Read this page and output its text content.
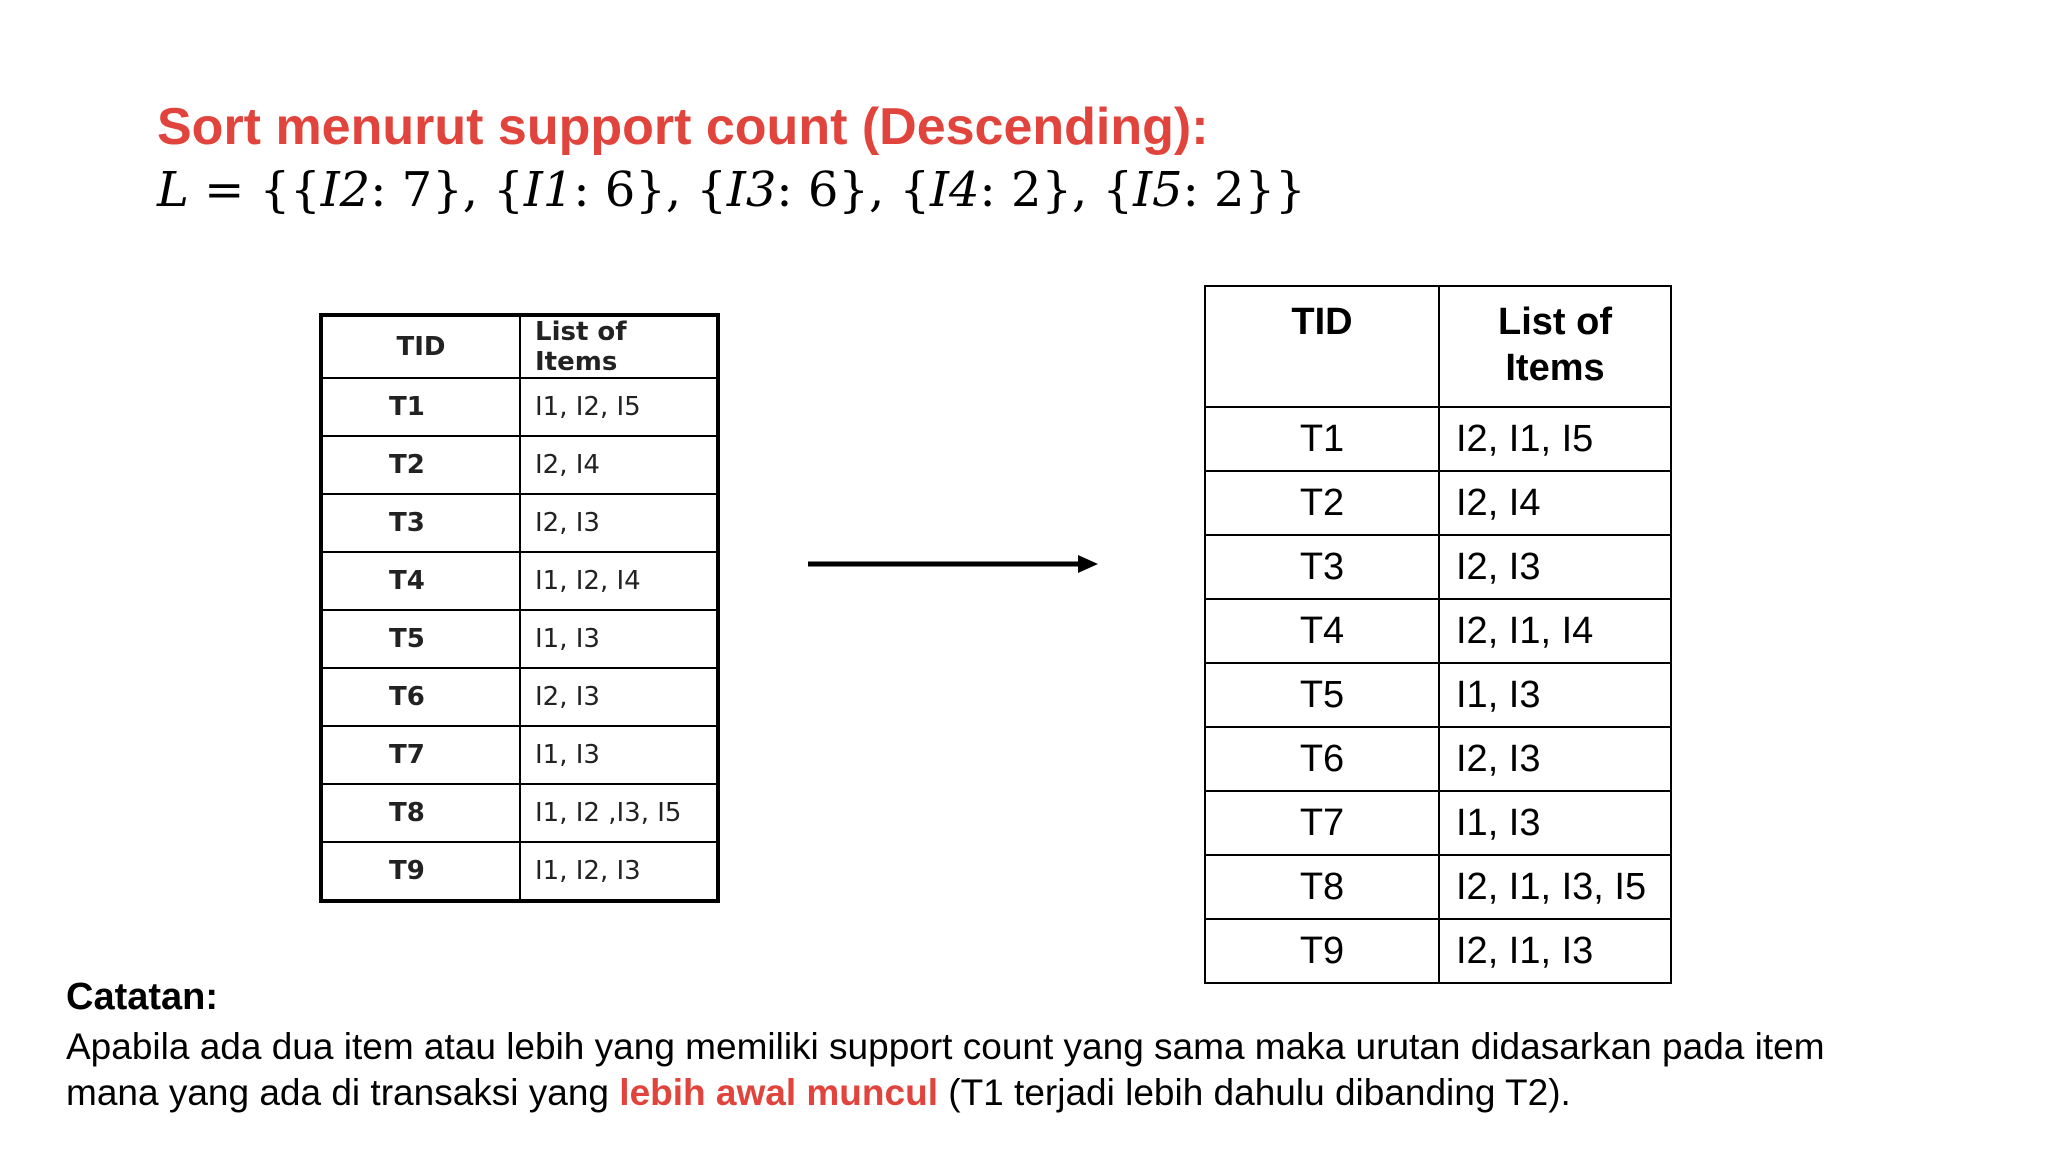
Sort menurut support count (Descending):
L = {{I2: 7}, {I1: 6}, {I3: 6}, {I4: 2}, {I5: 2}}
TID	List of Items
T1	I1, I2, I5
T2	I2, I4
T3	I2, I3
T4	I1, I2, I4
T5	I1, I3
T6	I2, I3
T7	I1, I3
T8	I1, I2 ,I3, I5
T9	I1, I2, I3
TID	List of
Items
T1	I2, I1, I5
T2	I2, I4
T3	I2, I3
T4	I2, I1, I4
T5	I1, I3
T6	I2, I3
T7	I1, I3
T8	I2, I1, I3, I5
T9	I2, I1, I3
Catatan:
Apabila ada dua item atau lebih yang memiliki support count yang sama maka urutan didasarkan pada item
mana yang ada di transaksi yang lebih awal muncul (T1 terjadi lebih dahulu dibanding T2).
